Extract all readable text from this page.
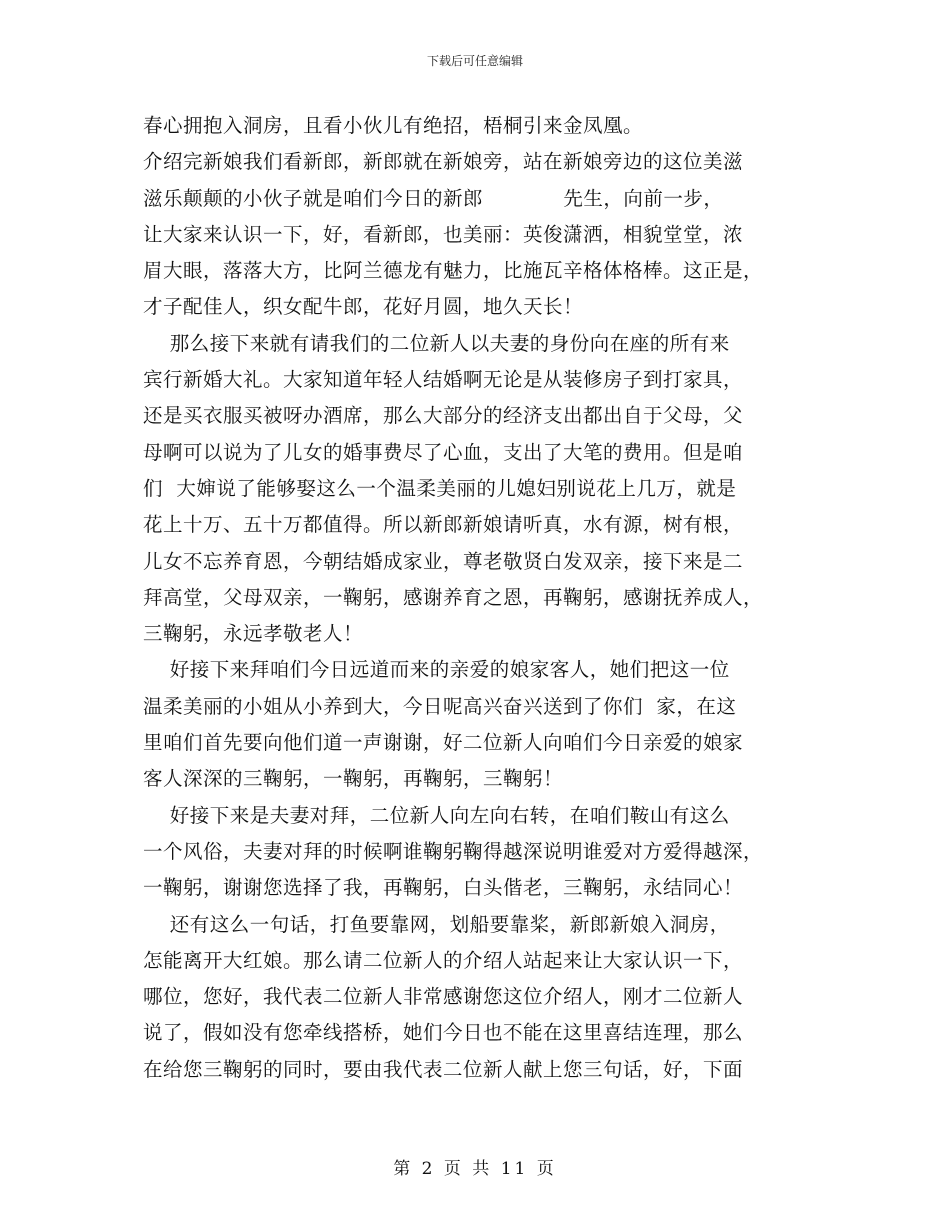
下载后可任意编辑
春心拥抱入洞房，且看小伙儿有绝招，梧桐引来金凤凰。
介绍完新娘我们看新郎，新郎就在新娘旁，站在新娘旁边的这位美滋
滋乐颠颠的小伙子就是咱们今日的新郎            先生，向前一步，
让大家来认识一下，好，看新郎，也美丽：英俊潇洒，相貌堂堂，浓
眉大眼，落落大方，比阿兰德龙有魅力，比施瓦辛格体格棒。这正是，
才子配佳人，织女配牛郎，花好月圆，地久天长！
那么接下来就有请我们的二位新人以夫妻的身份向在座的所有来
宾行新婚大礼。大家知道年轻人结婚啊无论是从装修房子到打家具，
还是买衣服买被呀办酒席，那么大部分的经济支出都出自于父母，父
母啊可以说为了儿女的婚事费尽了心血，支出了大笔的费用。但是咱
们  大婶说了能够娶这么一个温柔美丽的儿媳妇别说花上几万，就是
花上十万、五十万都值得。所以新郎新娘请听真，水有源，树有根，
儿女不忘养育恩，今朝结婚成家业，尊老敬贤白发双亲，接下来是二
拜高堂，父母双亲，一鞠躬，感谢养育之恩，再鞠躬，感谢抚养成人，
三鞠躬，永远孝敬老人！
好接下来拜咱们今日远道而来的亲爱的娘家客人，她们把这一位
温柔美丽的小姐从小养到大，今日呢高兴奋兴送到了你们  家，在这
里咱们首先要向他们道一声谢谢，好二位新人向咱们今日亲爱的娘家
客人深深的三鞠躬，一鞠躬，再鞠躬，三鞠躬！
好接下来是夫妻对拜，二位新人向左向右转，在咱们鞍山有这么
一个风俗，夫妻对拜的时候啊谁鞠躬鞠得越深说明谁爱对方爱得越深，
一鞠躬，谢谢您选择了我，再鞠躬，白头偕老，三鞠躬，永结同心！
还有这么一句话，打鱼要靠网，划船要靠桨，新郎新娘入洞房，
怎能离开大红娘。那么请二位新人的介绍人站起来让大家认识一下，
哪位，您好，我代表二位新人非常感谢您这位介绍人，刚才二位新人
说了，假如没有您牵线搭桥，她们今日也不能在这里喜结连理，那么
在给您三鞠躬的同时，要由我代表二位新人献上您三句话，好，下面
第 2 页 共 11 页
